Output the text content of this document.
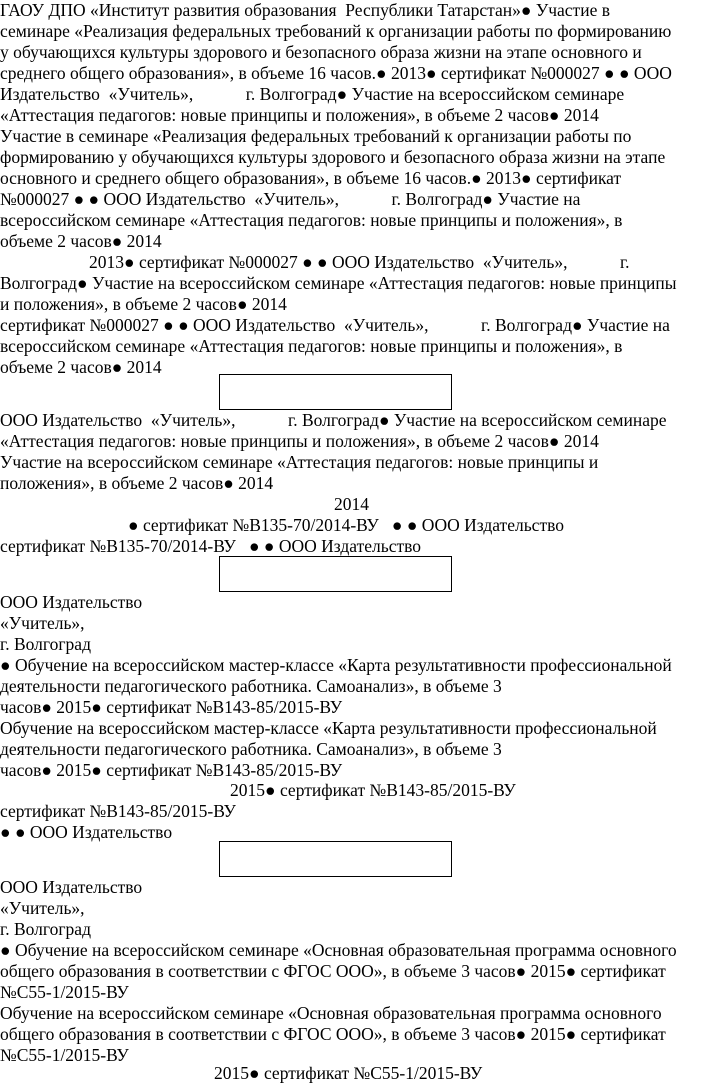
ГАОУ ДПО «Институт развития образования  Республики Татарстан»● Участие в

семинаре «Реализация федеральных требований к организации работы по формированию

у обучающихся культуры здорового и безопасного образа жизни на этапе основного и

среднего общего образования», в объеме 16 часов.● 2013● сертификат №000027 ● ● ООО

Издательство  «Учитель»,            г. Волгоград● Участие на всероссийском семинаре

«Аттестация педагогов: новые принципы и положения», в объеме 2 часов● 2014

Участие в семинаре «Реализация федеральных требований к организации работы по

формированию у обучающихся культуры здорового и безопасного образа жизни на этапе

основного и среднего общего образования», в объеме 16 часов.● 2013● сертификат

№000027 ● ● ООО Издательство  «Учитель»,            г. Волгоград● Участие на

всероссийском семинаре «Аттестация педагогов: новые принципы и положения», в

объеме 2 часов● 2014

2013● сертификат №000027 ● ● ООО Издательство  «Учитель»,            г.

Волгоград● Участие на всероссийском семинаре «Аттестация педагогов: новые принципы

и положения», в объеме 2 часов● 2014

сертификат №000027 ● ● ООО Издательство  «Учитель»,            г. Волгоград● Участие на

всероссийском семинаре «Аттестация педагогов: новые принципы и положения», в

объеме 2 часов● 2014

ООО Издательство  «Учитель»,            г. Волгоград● Участие на всероссийском семинаре

«Аттестация педагогов: новые принципы и положения», в объеме 2 часов● 2014

Участие на всероссийском семинаре «Аттестация педагогов: новые принципы и

положения», в объеме 2 часов● 2014

2014

● сертификат №В135-70/2014-ВУ   ● ● ООО Издательство

сертификат №В135-70/2014-ВУ   ● ● ООО Издательство

ООО Издательство

«Учитель»,

г. Волгоград

● Обучение на всероссийском мастер-классе «Карта результативности профессиональной

деятельности педагогического работника. Самоанализ», в объеме 3

часов● 2015● сертификат №В143-85/2015-ВУ

Обучение на всероссийском мастер-классе «Карта результативности профессиональной

деятельности педагогического работника. Самоанализ», в объеме 3

часов● 2015● сертификат №В143-85/2015-ВУ

2015● сертификат №В143-85/2015-ВУ

сертификат №В143-85/2015-ВУ

● ● ООО Издательство

ООО Издательство

«Учитель»,

г. Волгоград

● Обучение на всероссийском семинаре «Основная образовательная программа основного

общего образования в соответствии с ФГОС ООО», в объеме 3 часов● 2015● сертификат

№С55-1/2015-ВУ

Обучение на всероссийском семинаре «Основная образовательная программа основного

общего образования в соответствии с ФГОС ООО», в объеме 3 часов● 2015● сертификат

№С55-1/2015-ВУ

2015● сертификат №С55-1/2015-ВУ
